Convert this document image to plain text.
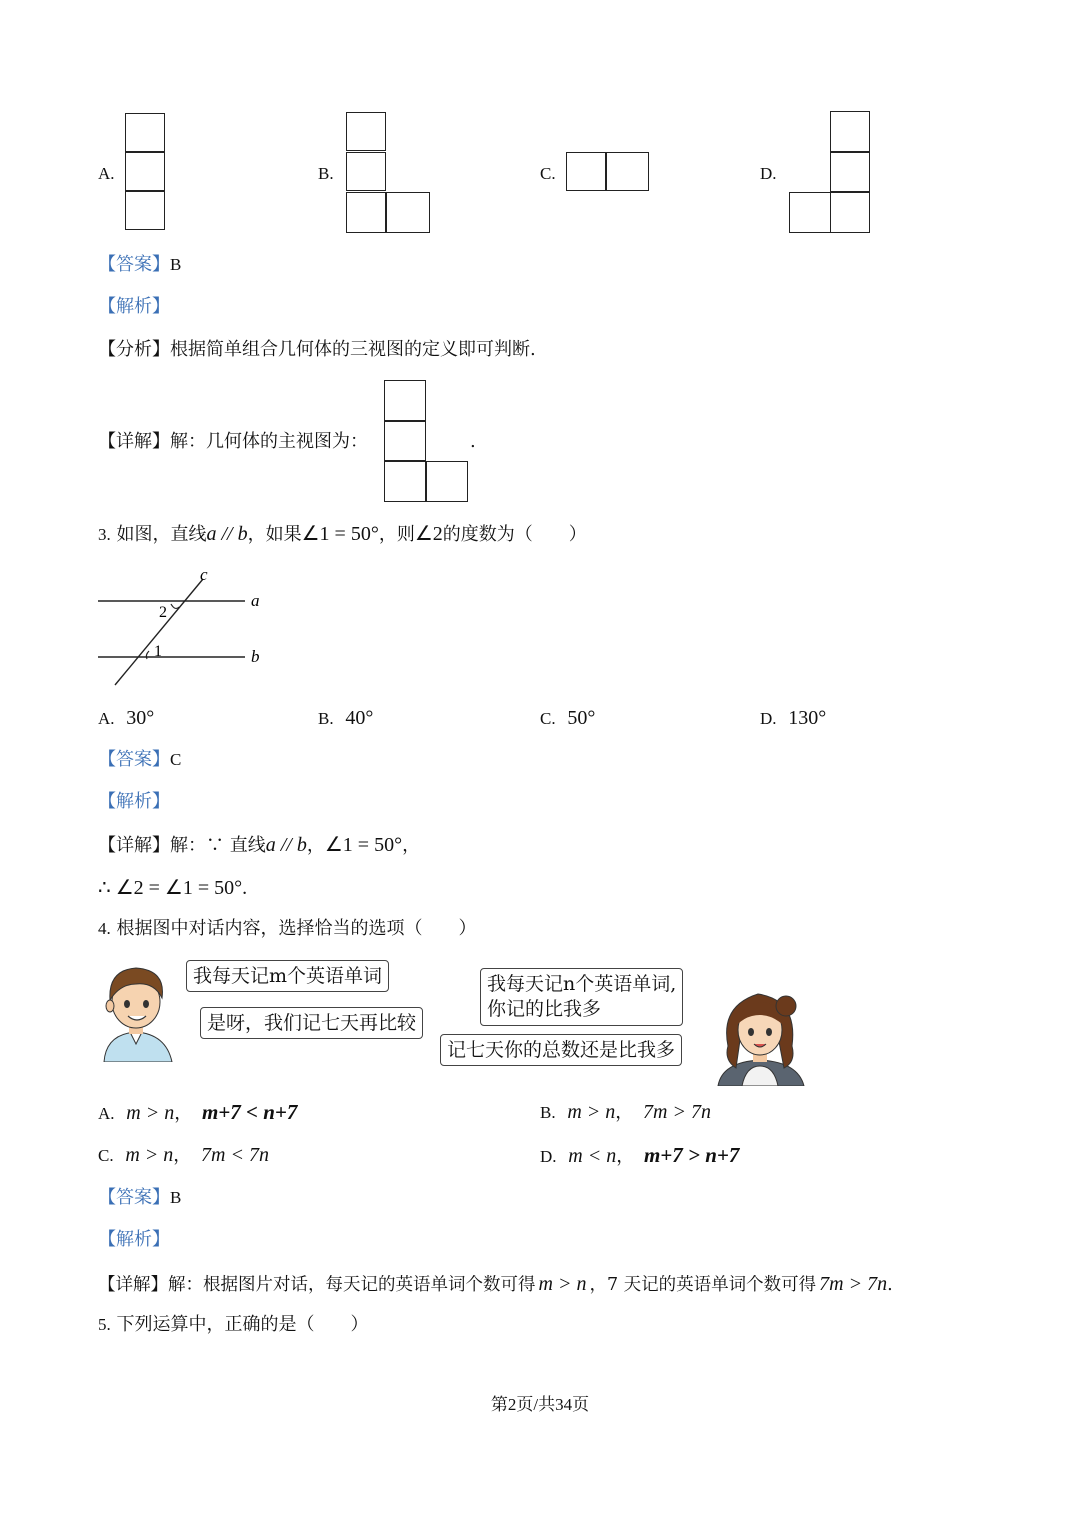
A.	B.	C.	D.
【答案】B
【解析】
【分析】根据简单组合几何体的三视图的定义即可判断.
【详解】解：几何体的主视图为：	.
3. 如图，直线a // b，如果∠1 = 50°，则∠2的度数为（　　）
c
a
b
2
1
A. 30°	B. 40°	C. 50°	D. 130°
【答案】C
【解析】
【详解】解：∵ 直线a // b，∠1 = 50°，
∴ ∠2 = ∠1 = 50°.
4. 根据图中对话内容，选择恰当的选项（　　）
我每天记m个英语单词
是呀，我们记七天再比较
我每天记n个英语单词,
你记的比我多
记七天你的总数还是比我多
A. m > n， m+7 < n+7	B. m > n， 7m > 7n
C. m > n， 7m < 7n	D. m < n， m+7 > n+7
【答案】B
【解析】
【详解】解：根据图片对话，每天记的英语单词个数可得 m > n ，7 天记的英语单词个数可得 7m > 7n.
5. 下列运算中，正确的是（　　）
第2页/共34页
